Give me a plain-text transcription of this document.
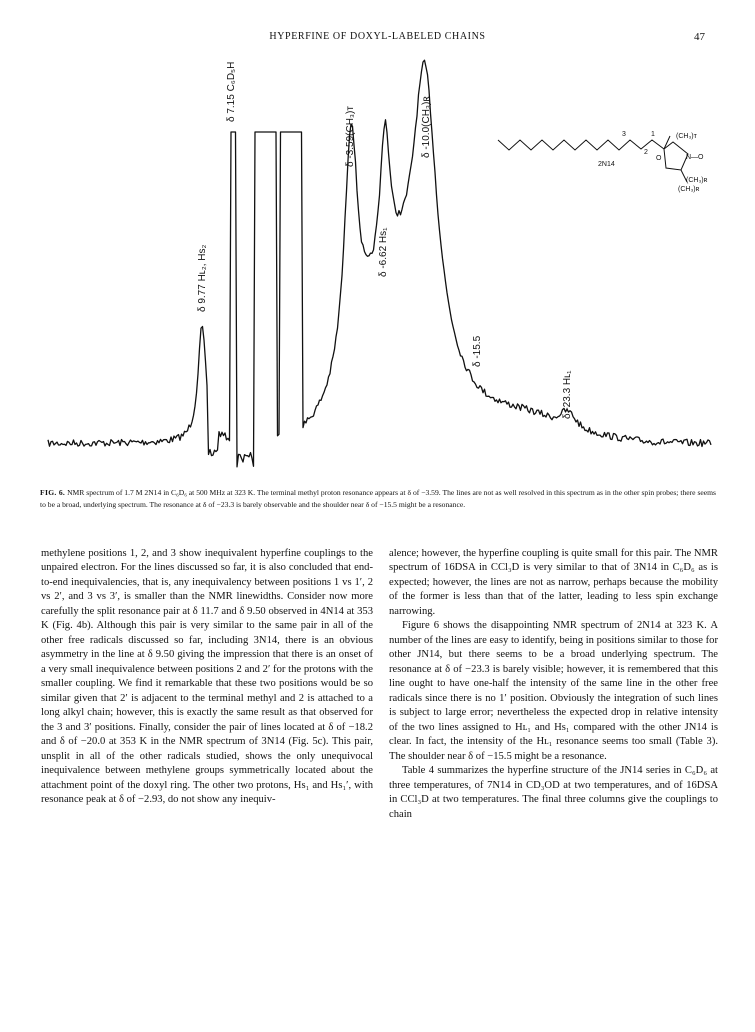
HYPERFINE OF DOXYL-LABELED CHAINS	47
δ 7.15 C₆D₅H
δ -3.59(CH₃)ᴛ	δ -10.0(CH₃)ʀ
δ 9.77 Hʟ₂, Hs₂	δ -6.62 Hs₁
δ -15.5
δ -23.3 Hʟ₁
2N14
3	1
2
O	N—O
(CH₃)ᴛ
(CH₃)ʀ
(CH₃)ʀ
FIG. 6. NMR spectrum of 1.7 M 2N14 in C₆D₆ at 500 MHz at 323 K. The terminal methyl proton resonance appears at δ of −3.59. The lines are not as well resolved in this spectrum as in the other spin probes; there seems to be a broad, underlying spectrum. The resonance at δ of −23.3 is barely observable and the shoulder near δ of −15.5 might be a resonance.

methylene positions 1, 2, and 3 show inequivalent hyperfine couplings to the unpaired electron. For the lines discussed so far, it is also concluded that end-to-end inequivalencies, that is, any inequivalency between positions 1 vs 1′, 2 vs 2′, and 3 vs 3′, is smaller than the NMR linewidths. Consider now more carefully the split resonance pair at δ 11.7 and δ 9.50 observed in 4N14 at 353 K (Fig. 4b). Although this pair is very similar to the same pair in all of the other free radicals discussed so far, including 3N14, there is an obvious asymmetry in the line at δ 9.50 giving the impression that there is an onset of a very small inequivalence between positions 2 and 2′ for the protons with the smaller coupling. We find it remarkable that these two positions would be so similar given that 2′ is adjacent to the terminal methyl and 2 is attached to a long alkyl chain; however, this is exactly the same result as that observed for the 3 and 3′ positions. Finally, consider the pair of lines located at δ of −18.2 and δ of −20.0 at 353 K in the NMR spectrum of 3N14 (Fig. 5c). This pair, unsplit in all of the other radicals studied, shows the only unequivocal inequivalence between methylene groups symmetrically located about the attachment point of the doxyl ring. The other two protons, Hs₁ and Hs₁′, with resonance peak at δ of −2.93, do not show any inequiv-

alence; however, the hyperfine coupling is quite small for this pair. The NMR spectrum of 16DSA in CCl₃D is very similar to that of 3N14 in C₆D₆ as is expected; however, the lines are not as narrow, perhaps because the mobility of the former is less than that of the latter, leading to less spin exchange narrowing.

Figure 6 shows the disappointing NMR spectrum of 2N14 at 323 K. A number of the lines are easy to identify, being in positions similar to those for other JN14, but there seems to be a broad underlying spectrum. The resonance at δ of −23.3 is barely visible; however, it is remembered that this line ought to have one-half the intensity of the same line in the other free radicals since there is no 1′ position. Obviously the integration of such lines is subject to large error; nevertheless the expected drop in relative intensity of the two lines assigned to Hʟ₁ and Hs₁ compared with the other JN14 is clear. In fact, the intensity of the Hʟ₁ resonance seems too small (Table 3). The shoulder near δ of −15.5 might be a resonance.

Table 4 summarizes the hyperfine structure of the JN14 series in C₆D₆ at three temperatures, of 7N14 in CD₃OD at two temperatures, and of 16DSA in CCl₃D at two temperatures. The final three columns give the couplings to chain
